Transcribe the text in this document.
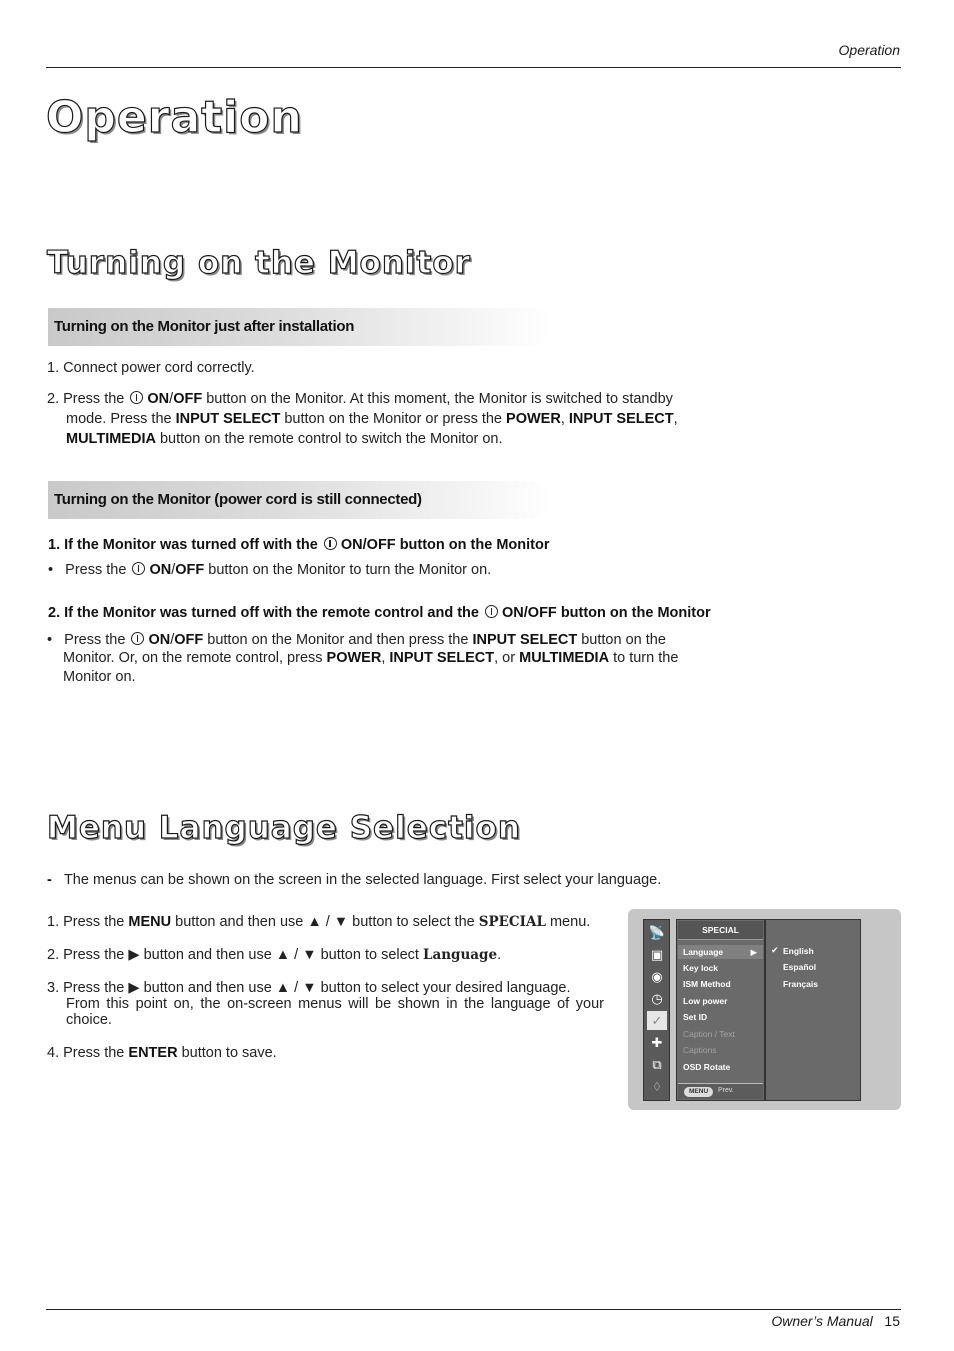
Operation
Operation
Turning on the Monitor
Turning on the Monitor just after installation
1. Connect power cord correctly.
2. Press the ON/OFF button on the Monitor. At this moment, the Monitor is switched to standby
mode. Press the INPUT SELECT button on the Monitor or press the POWER, INPUT SELECT,
MULTIMEDIA button on the remote control to switch the Monitor on.
Turning on the Monitor (power cord is still connected)
1. If the Monitor was turned off with the ON/OFF button on the Monitor
• Press the ON/OFF button on the Monitor to turn the Monitor on.
2. If the Monitor was turned off with the remote control and the ON/OFF button on the Monitor
• Press the ON/OFF button on the Monitor and then press the INPUT SELECT button on the
Monitor. Or, on the remote control, press POWER, INPUT SELECT, or MULTIMEDIA to turn the
Monitor on.
Menu Language Selection
- The menus can be shown on the screen in the selected language. First select your language.
1. Press the MENU button and then use ▲ / ▼ button to select the SPECIAL menu.
2. Press the ▶ button and then use ▲ / ▼ button to select Language.
3. Press the ▶ button and then use ▲ / ▼ button to select your desired language.
From this point on, the on-screen menus will be shown in the language of your
choice.
4. Press the ENTER button to save.
📡
▣
◉
◷
✓
✚
⧉
◊
SPECIAL
Language	▶
Key lock
ISM Method
Low power
Set ID
Caption / Text
Captions
OSD Rotate
MENU	Prev.
✔ English
Español
Français
Owner’s Manual 15
